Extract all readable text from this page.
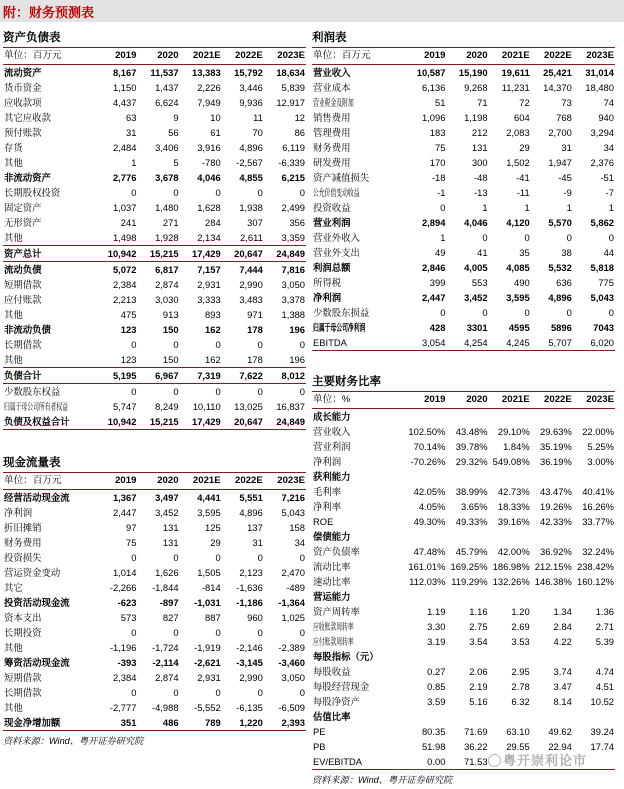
附：财务预测表
资产负债表
单位：百万元	2019	2020	2021E	2022E	2023E
流动资产	8,167	11,537	13,383	15,792	18,634
货币资金	1,150	1,437	2,226	3,446	5,839
应收款项	4,437	6,624	7,949	9,936	12,917
其它应收款	63	9	10	11	12
预付账款	31	56	61	70	86
存货	2,484	3,406	3,916	4,896	6,119
其他	1	5	-780	-2,567	-6,339
非流动资产	2,776	3,678	4,046	4,855	6,215
长期股权投资	0	0	0	0	0
固定资产	1,037	1,480	1,628	1,938	2,499
无形资产	241	271	284	307	356
其他	1,498	1,928	2,134	2,611	3,359
资产总计	10,942	15,215	17,429	20,647	24,849
流动负债	5,072	6,817	7,157	7,444	7,816
短期借款	2,384	2,874	2,931	2,990	3,050
应付账款	2,213	3,030	3,333	3,483	3,378
其他	475	913	893	971	1,388
非流动负债	123	150	162	178	196
长期借款	0	0	0	0	0
其他	123	150	162	178	196
负债合计	5,195	6,967	7,319	7,622	8,012
少数股东权益	0	0	0	0	0
归属于母公司所有者权益	5,747	8,249	10,110	13,025	16,837
负债及权益合计	10,942	15,215	17,429	20,647	24,849
现金流量表
单位：百万元	2019	2020	2021E	2022E	2023E
经营活动现金流	1,367	3,497	4,441	5,551	7,216
净利润	2,447	3,452	3,595	4,896	5,043
折旧摊销	97	131	125	137	158
财务费用	75	131	29	31	34
投资损失	0	0	0	0	0
营运资金变动	1,014	1,626	1,505	2,123	2,470
其它	-2,266	-1,844	-814	-1,636	-489
投资活动现金流	-623	-897	-1,031	-1,186	-1,364
资本支出	573	827	887	960	1,025
长期投资	0	0	0	0	0
其他	-1,196	-1,724	-1,919	-2,146	-2,389
筹资活动现金流	-393	-2,114	-2,621	-3,145	-3,460
短期借款	2,384	2,874	2,931	2,990	3,050
长期借款	0	0	0	0	0
其他	-2,777	-4,988	-5,552	-6,135	-6,509
现金净增加额	351	486	789	1,220	2,393
资料来源：Wind、粤开证券研究院
利润表
单位：百万元	2019	2020	2021E	2022E	2023E
营业收入	10,587	15,190	19,611	25,421	31,014
营业成本	6,136	9,268	11,231	14,370	18,480
营业税金及附加	51	71	72	73	74
销售费用	1,096	1,198	604	768	940
管理费用	183	212	2,083	2,700	3,294
财务费用	75	131	29	31	34
研发费用	170	300	1,502	1,947	2,376
资产减值损失	-18	-48	-41	-45	-51
公允价值变动收益	-1	-13	-11	-9	-7
投资收益	0	1	1	1	1
营业利润	2,894	4,046	4,120	5,570	5,862
营业外收入	1	0	0	0	0
营业外支出	49	41	35	38	44
利润总额	2,846	4,005	4,085	5,532	5,818
所得税	399	553	490	636	775
净利润	2,447	3,452	3,595	4,896	5,043
少数股东损益	0	0	0	0	0
归属于母公司净利润	428	3301	4595	5896	7043
EBITDA	3,054	4,254	4,245	5,707	6,020
主要财务比率
单位：%	2019	2020	2021E	2022E	2023E
成长能力					
营业收入	102.50%	43.48%	29.10%	29.63%	22.00%
营业利润	70.14%	39.78%	1.84%	35.19%	5.25%
净利润	-70.26%	29.32%	549.08%	36.19%	3.00%
获利能力					
毛利率	42.05%	38.99%	42.73%	43.47%	40.41%
净利率	4.05%	3.65%	18.33%	19.26%	16.26%
ROE	49.30%	49.33%	39.16%	42.33%	33.77%
偿债能力					
资产负债率	47.48%	45.79%	42.00%	36.92%	32.24%
流动比率	161.01%	169.25%	186.98%	212.15%	238.42%
速动比率	112.03%	119.29%	132.26%	146.38%	160.12%
营运能力					
资产周转率	1.19	1.16	1.20	1.34	1.36
应收账款周转率	3.30	2.75	2.69	2.84	2.71
应付账款周转率	3.19	3.54	3.53	4.22	5.39
每股指标（元）					
每股收益	0.27	2.06	2.95	3.74	4.74
每股经营现金	0.85	2.19	2.78	3.47	4.51
每股净资产	3.59	5.16	6.32	8.14	10.52
估值比率					
PE	80.35	71.69	63.10	49.62	39.24
PB	51.98	36.22	29.55	22.94	17.74
EV/EBITDA	0.00	71.53			
资料来源：Wind、粤开证券研究院
粤开崇利论市
